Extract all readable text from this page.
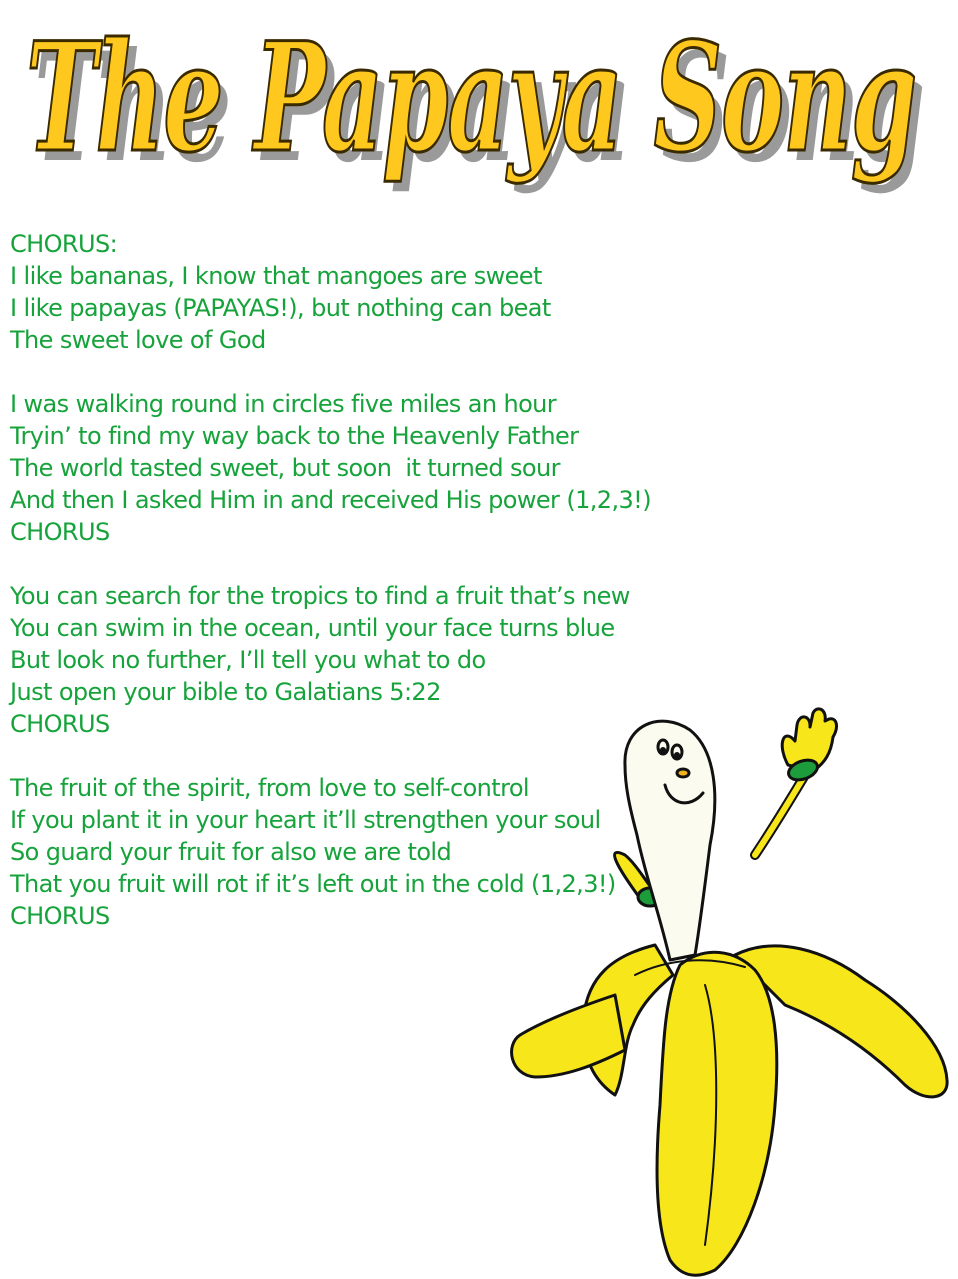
The Papaya Song
The Papaya Song
CHORUS:
I like bananas, I know that mangoes are sweet
I like papayas (PAPAYAS!), but nothing can beat
The sweet love of God
I was walking round in circles five miles an hour
Tryin’ to find my way back to the Heavenly Father
The world tasted sweet, but soon  it turned sour
And then I asked Him in and received His power (1,2,3!)
CHORUS
You can search for the tropics to find a fruit that’s new
You can swim in the ocean, until your face turns blue
But look no further, I’ll tell you what to do
Just open your bible to Galatians 5:22
CHORUS
The fruit of the spirit, from love to self-control
If you plant it in your heart it’ll strengthen your soul
So guard your fruit for also we are told
That you fruit will rot if it’s left out in the cold (1,2,3!)
CHORUS
